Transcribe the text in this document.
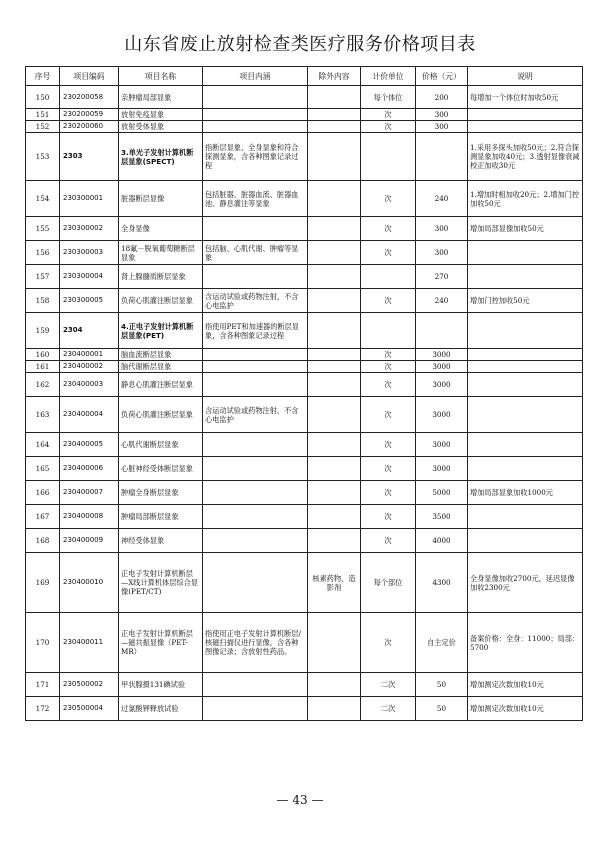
山东省废止放射检查类医疗服务价格项目表
序号	项目编码	项目名称	项目内涵	除外内容	计价单位	价格（元）	说明
150	230200058	亲肿瘤局部显象			每个体位	200	每增加一个体位时加收50元
151	230200059	放射免疫显象			次	300	
152	230200060	放射受体显象			次	300	
153	2303	3.单光子发射计算机断层显象(SPECT)	指断层显象、全身显象和符合探测显象，含各种图象记录过程				1.采用多探头加收50元；2.符合探测显象加收40元；3.透射显像衰减校正加收30元
154	230300001	脏器断层显像	包括脏器、脏器血流、脏器血池、静息灌注等显象		次	240	1.增加时相加收20元；2.增加门控加收50元
155	230300002	全身显像			次	300	增加局部显像加收50元
156	230300003	18氟－脱氧葡萄糖断层显象	包括脑、心肌代谢、肿瘤等显象		次	300	
157	230300004	肾上腺髓质断层显象				270	
158	230300005	负荷心肌灌注断层显象	含运动试验或药物注射，不含心电监护		次	240	增加门控加收50元
159	2304	4.正电子发射计算机断层显象(PET)	指使用PET和加速器的断层显象，含各种图象记录过程				
160	230400001	脑血流断层显象			次	3000	
161	230400002	脑代谢断层显象			次	3000	
162	230400003	静息心肌灌注断层显象			次	3000	
163	230400004	负荷心肌灌注断层显象	含运动试验或药物注射，不含心电监护		次	3000	
164	230400005	心肌代谢断层显象			次	3000	
165	230400006	心脏神经受体断层显象			次	3000	
166	230400007	肿瘤全身断层显象			次	5000	增加局部显象加收1000元
167	230400008	肿瘤局部断层显象			次	3500	
168	230400009	神经受体显象			次	4000	
169	230400010	正电子发射计算机断层—X线计算机体层综合显像(PET/CT)		核素药物，造影剂	每个部位	4300	全身显像加收2700元，延迟显像加收2300元
170	230400011	正电子发射计算机断层—磁共振显像（PET-MR）	指使用正电子发射计算机断层/核磁扫描仪进行显像，含各种图像记录；含放射性药品。		次	自主定价	备案价格：全身：11000；局部：5700
171	230500002	甲状腺摄131碘试验			二次	50	增加测定次数加收10元
172	230500004	过氯酸钾释放试验			二次	50	增加测定次数加收10元
— 43 —
